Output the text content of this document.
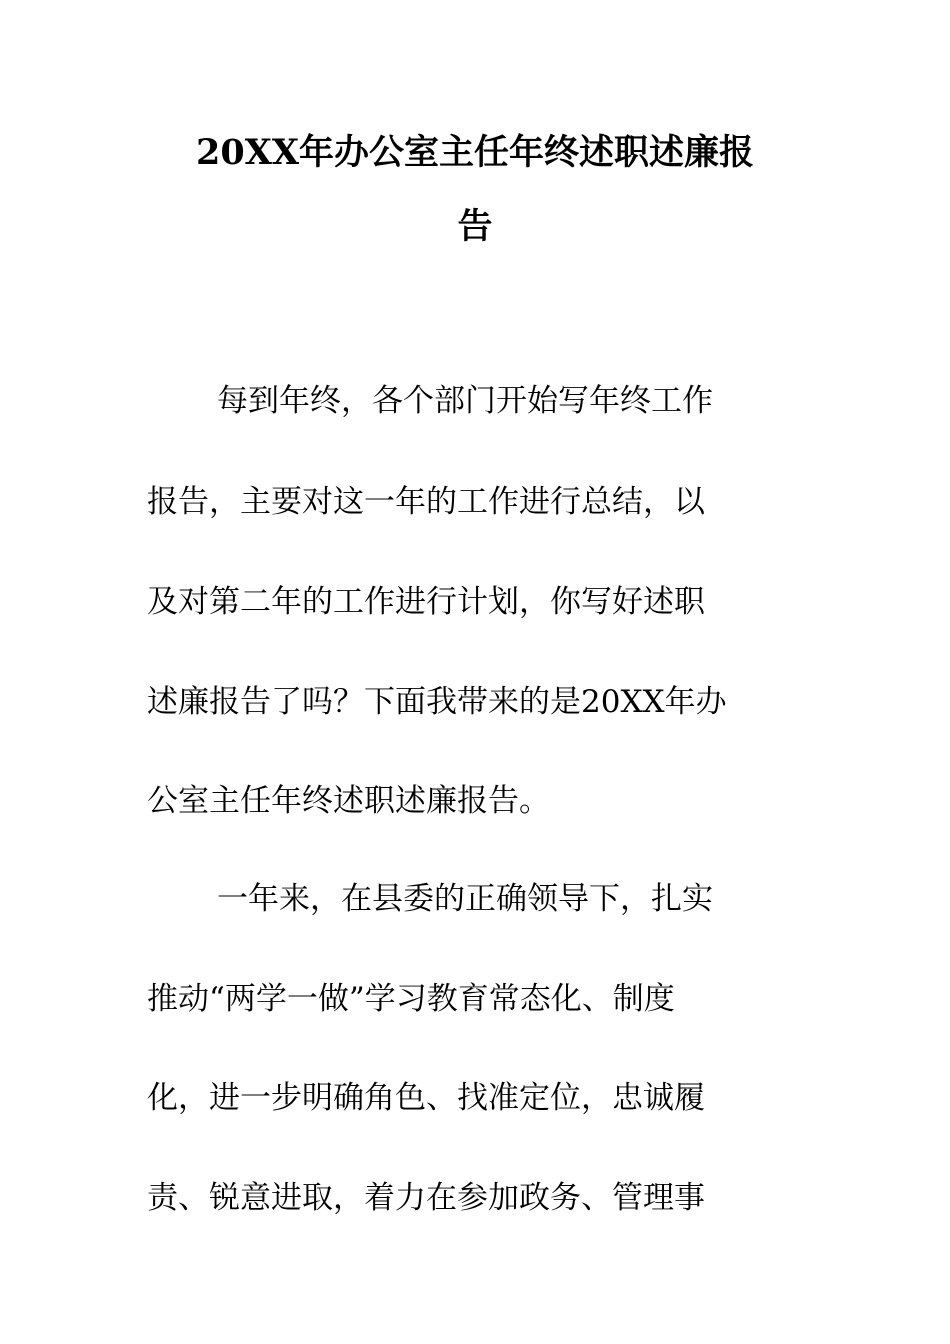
20XX年办公室主任年终述职述廉报
告
每到年终，各个部门开始写年终工作
报告，主要对这一年的工作进行总结，以
及对第二年的工作进行计划，你写好述职
述廉报告了吗？下面我带来的是20XX年办
公室主任年终述职述廉报告。
一年来，在县委的正确领导下，扎实
推动“两学一做”学习教育常态化、制度
化，进一步明确角色、找准定位，忠诚履
责、锐意进取，着力在参加政务、管理事
